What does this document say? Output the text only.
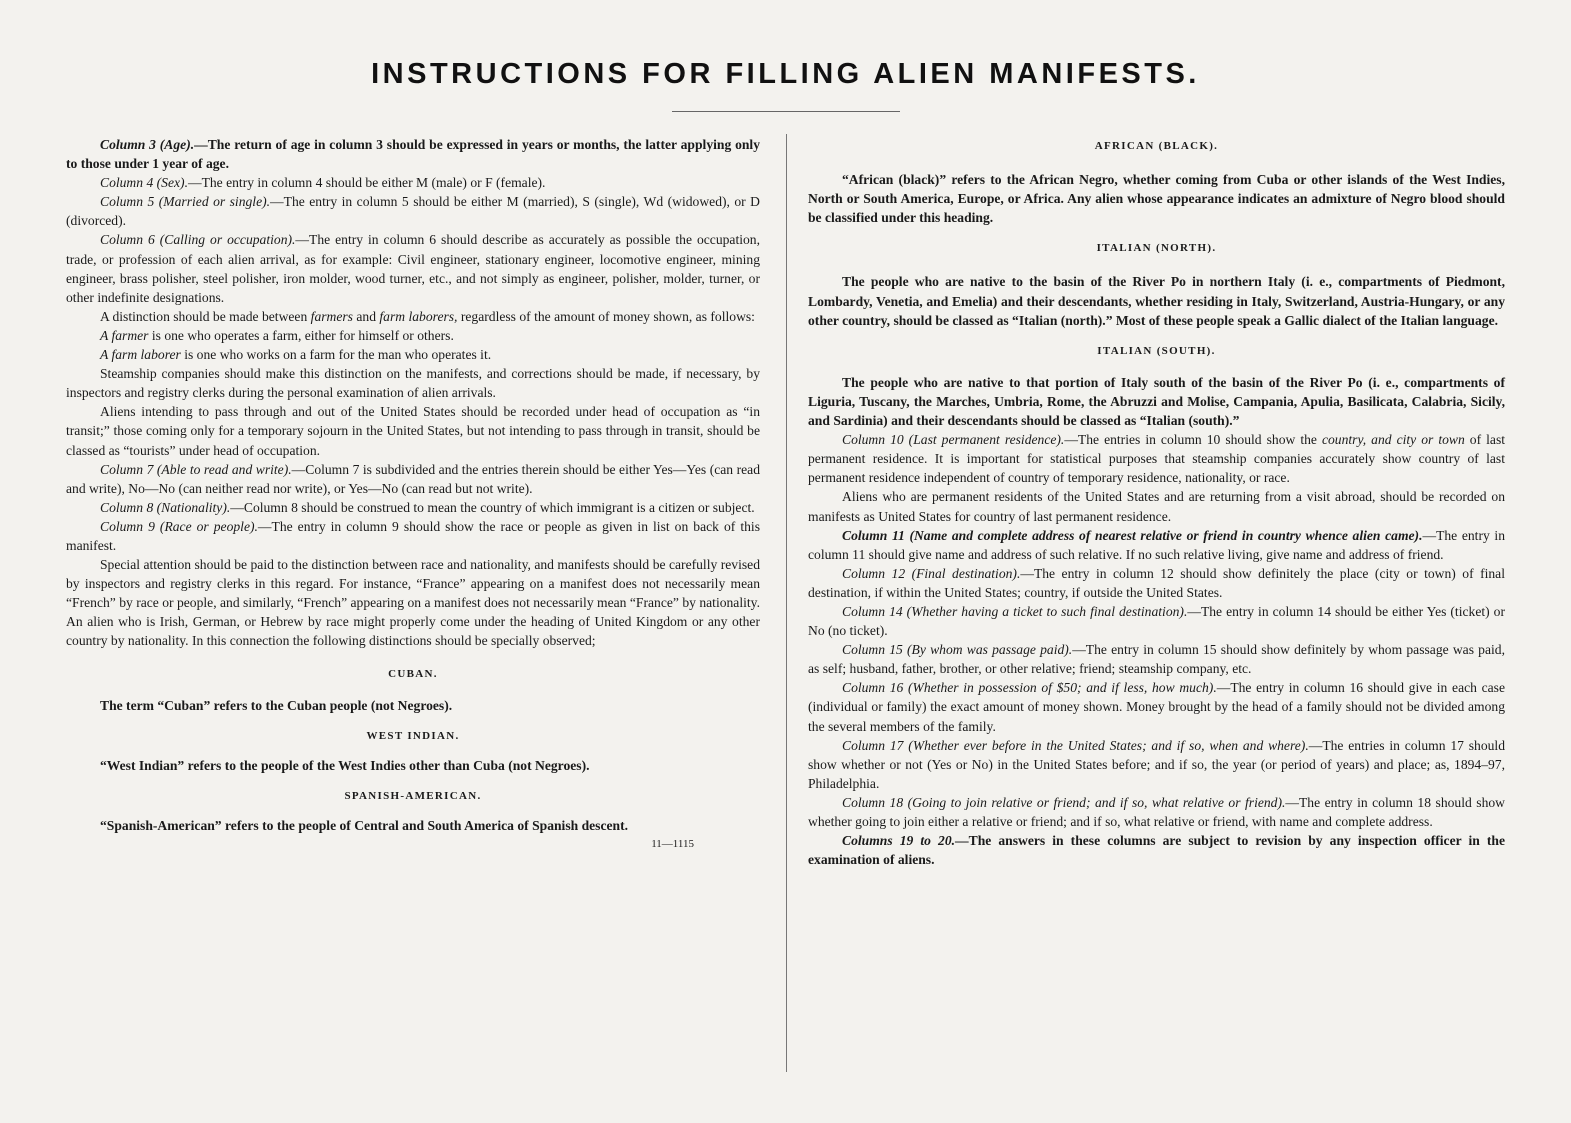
INSTRUCTIONS FOR FILLING ALIEN MANIFESTS.

Column 3 (Age).—The return of age in column 3 should be expressed in years or months, the latter applying only to those under 1 year of age.

Column 4 (Sex).—The entry in column 4 should be either M (male) or F (female).

Column 5 (Married or single).—The entry in column 5 should be either M (married), S (single), Wd (widowed), or D (divorced).

Column 6 (Calling or occupation).—The entry in column 6 should describe as accurately as possible the occupation, trade, or profession of each alien arrival, as for example: Civil engineer, stationary engineer, locomotive engineer, mining engineer, brass polisher, steel polisher, iron molder, wood turner, etc., and not simply as engineer, polisher, molder, turner, or other indefinite designations.

A distinction should be made between farmers and farm laborers, regardless of the amount of money shown, as follows:

A farmer is one who operates a farm, either for himself or others.

A farm laborer is one who works on a farm for the man who operates it.

Steamship companies should make this distinction on the manifests, and corrections should be made, if necessary, by inspectors and registry clerks during the personal examination of alien arrivals.

Aliens intending to pass through and out of the United States should be recorded under head of occupation as “in transit;” those coming only for a temporary sojourn in the United States, but not intending to pass through in transit, should be classed as “tourists” under head of occupation.

Column 7 (Able to read and write).—Column 7 is subdivided and the entries therein should be either Yes—Yes (can read and write), No—No (can neither read nor write), or Yes—No (can read but not write).

Column 8 (Nationality).—Column 8 should be construed to mean the country of which immigrant is a citizen or subject.

Column 9 (Race or people).—The entry in column 9 should show the race or people as given in list on back of this manifest.

Special attention should be paid to the distinction between race and nationality, and manifests should be carefully revised by inspectors and registry clerks in this regard. For instance, “France” appearing on a manifest does not necessarily mean “French” by race or people, and similarly, “French” appearing on a manifest does not necessarily mean “France” by nationality. An alien who is Irish, German, or Hebrew by race might properly come under the heading of United Kingdom or any other country by nationality. In this connection the following distinctions should be specially observed;

CUBAN.

The term “Cuban” refers to the Cuban people (not Negroes).

WEST INDIAN.

“West Indian” refers to the people of the West Indies other than Cuba (not Negroes).

SPANISH-AMERICAN.

“Spanish-American” refers to the people of Central and South America of Spanish descent.
11—1115

AFRICAN (BLACK).

“African (black)” refers to the African Negro, whether coming from Cuba or other islands of the West Indies, North or South America, Europe, or Africa. Any alien whose appearance indicates an admixture of Negro blood should be classified under this heading.

ITALIAN (NORTH).

The people who are native to the basin of the River Po in northern Italy (i. e., compartments of Piedmont, Lombardy, Venetia, and Emelia) and their descendants, whether residing in Italy, Switzerland, Austria-Hungary, or any other country, should be classed as “Italian (north).” Most of these people speak a Gallic dialect of the Italian language.

ITALIAN (SOUTH).

The people who are native to that portion of Italy south of the basin of the River Po (i. e., compartments of Liguria, Tuscany, the Marches, Umbria, Rome, the Abruzzi and Molise, Campania, Apulia, Basilicata, Calabria, Sicily, and Sardinia) and their descendants should be classed as “Italian (south).”

Column 10 (Last permanent residence).—The entries in column 10 should show the country, and city or town of last permanent residence. It is important for statistical purposes that steamship companies accurately show country of last permanent residence independent of country of temporary residence, nationality, or race.

Aliens who are permanent residents of the United States and are returning from a visit abroad, should be recorded on manifests as United States for country of last permanent residence.

Column 11 (Name and complete address of nearest relative or friend in country whence alien came).—The entry in column 11 should give name and address of such relative. If no such relative living, give name and address of friend.

Column 12 (Final destination).—The entry in column 12 should show definitely the place (city or town) of final destination, if within the United States; country, if outside the United States.

Column 14 (Whether having a ticket to such final destination).—The entry in column 14 should be either Yes (ticket) or No (no ticket).

Column 15 (By whom was passage paid).—The entry in column 15 should show definitely by whom passage was paid, as self; husband, father, brother, or other relative; friend; steamship company, etc.

Column 16 (Whether in possession of $50; and if less, how much).—The entry in column 16 should give in each case (individual or family) the exact amount of money shown. Money brought by the head of a family should not be divided among the several members of the family.

Column 17 (Whether ever before in the United States; and if so, when and where).—The entries in column 17 should show whether or not (Yes or No) in the United States before; and if so, the year (or period of years) and place; as, 1894–97, Philadelphia.

Column 18 (Going to join relative or friend; and if so, what relative or friend).—The entry in column 18 should show whether going to join either a relative or friend; and if so, what relative or friend, with name and complete address.

Columns 19 to 20.—The answers in these columns are subject to revision by any inspection officer in the examination of aliens.
